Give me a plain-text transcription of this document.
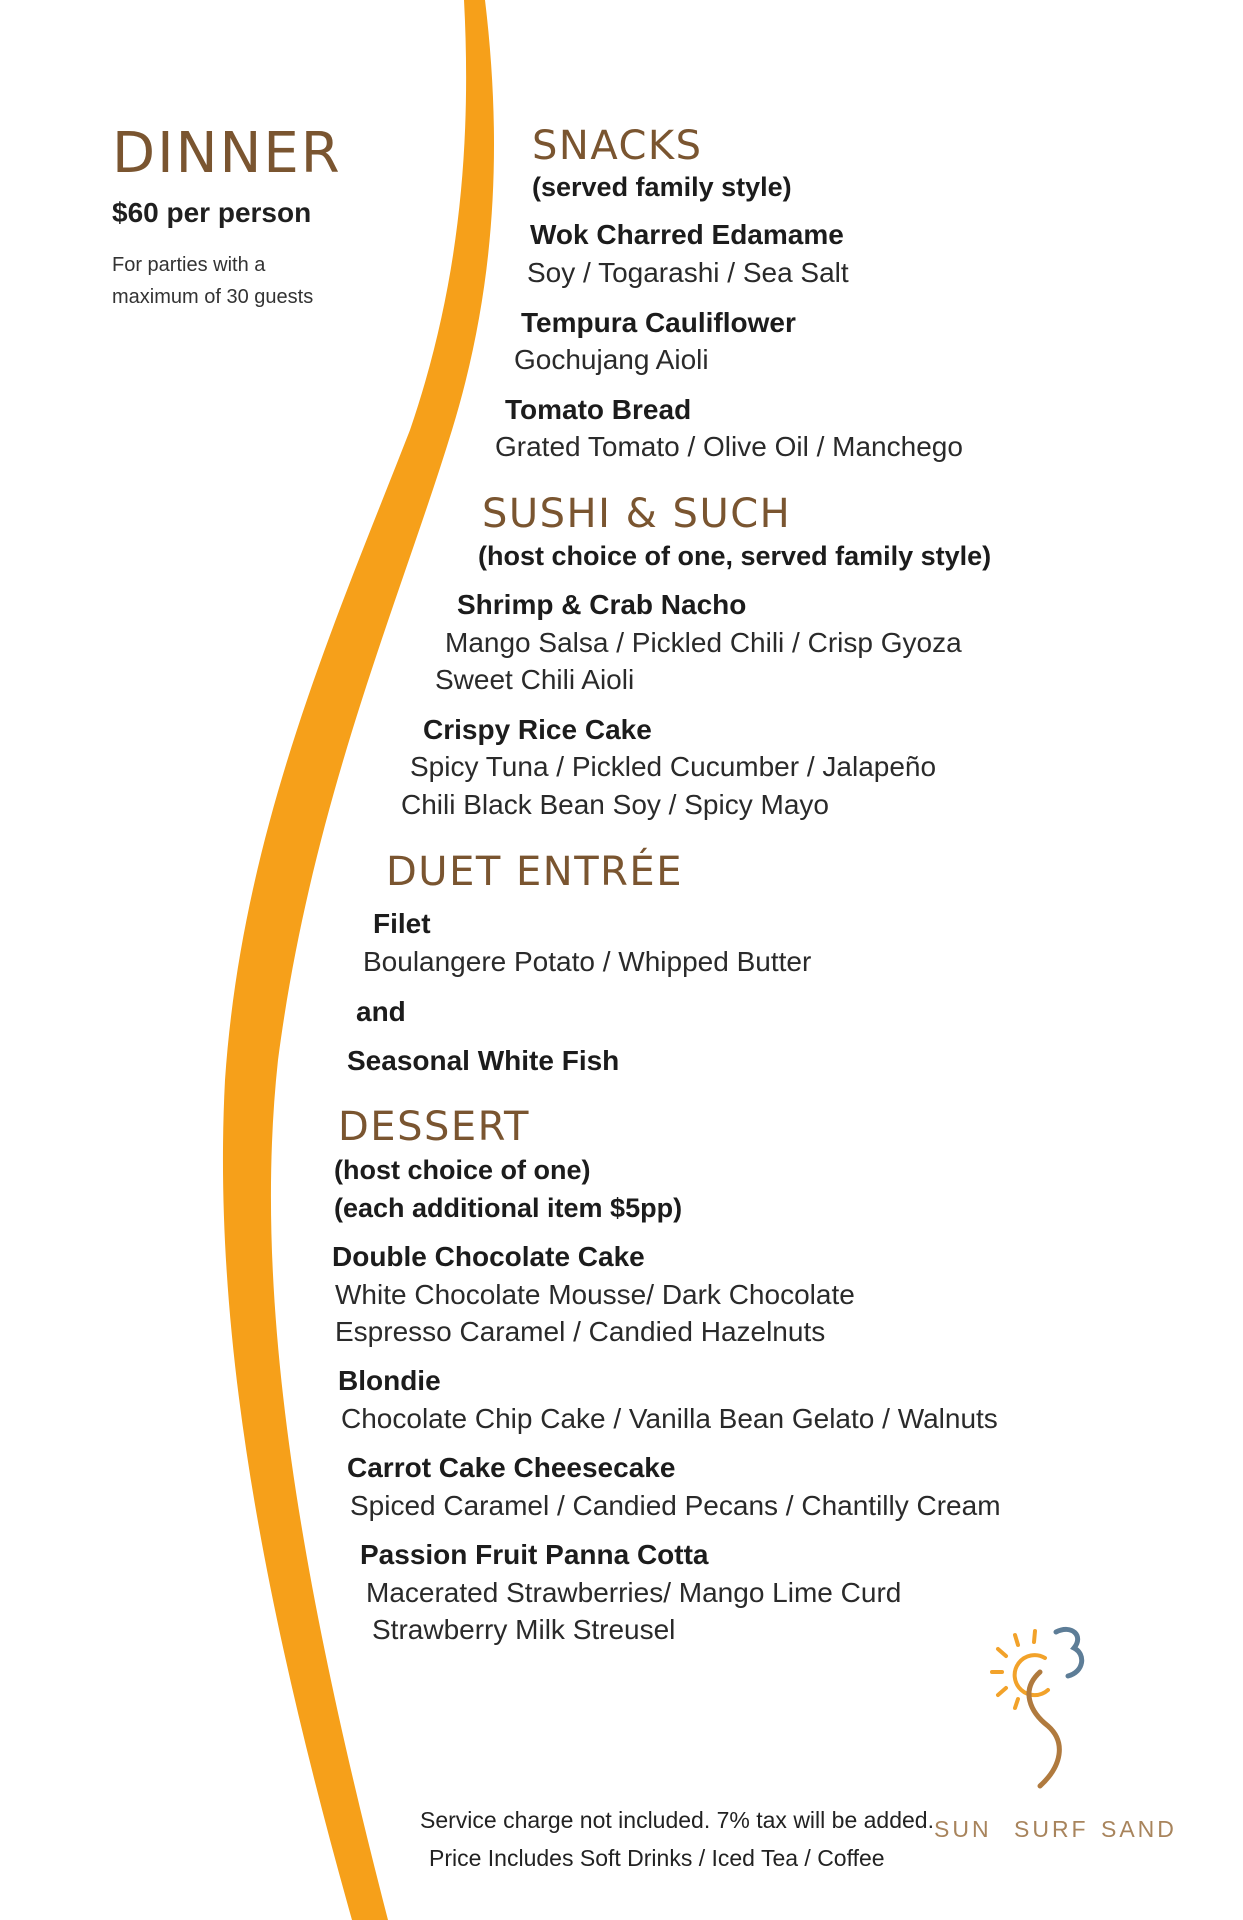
DINNER
$60 per person
For parties with a
maximum of 30 guests
SNACKS
(served family style)
Wok Charred Edamame
Soy / Togarashi / Sea Salt
Tempura Cauliflower
Gochujang Aioli
Tomato Bread
Grated Tomato / Olive Oil / Manchego
SUSHI & SUCH
(host choice of one, served family style)
Shrimp & Crab Nacho
Mango Salsa / Pickled Chili / Crisp Gyoza
Sweet Chili Aioli
Crispy Rice Cake
Spicy Tuna / Pickled Cucumber / Jalapeño
Chili Black Bean Soy / Spicy Mayo
DUET ENTRÉE
Filet
Boulangere Potato / Whipped Butter
and
Seasonal White Fish
DESSERT
(host choice of one)
(each additional item $5pp)
Double Chocolate Cake
White Chocolate Mousse/ Dark Chocolate
Espresso Caramel / Candied Hazelnuts
Blondie
Chocolate Chip Cake / Vanilla Bean Gelato / Walnuts
Carrot Cake Cheesecake
Spiced Caramel / Candied Pecans / Chantilly Cream
Passion Fruit Panna Cotta
Macerated Strawberries/ Mango Lime Curd
Strawberry Milk Streusel
Service charge not included. 7% tax will be added.
Price Includes Soft Drinks / Iced Tea / Coffee
SUN SURF SAND
